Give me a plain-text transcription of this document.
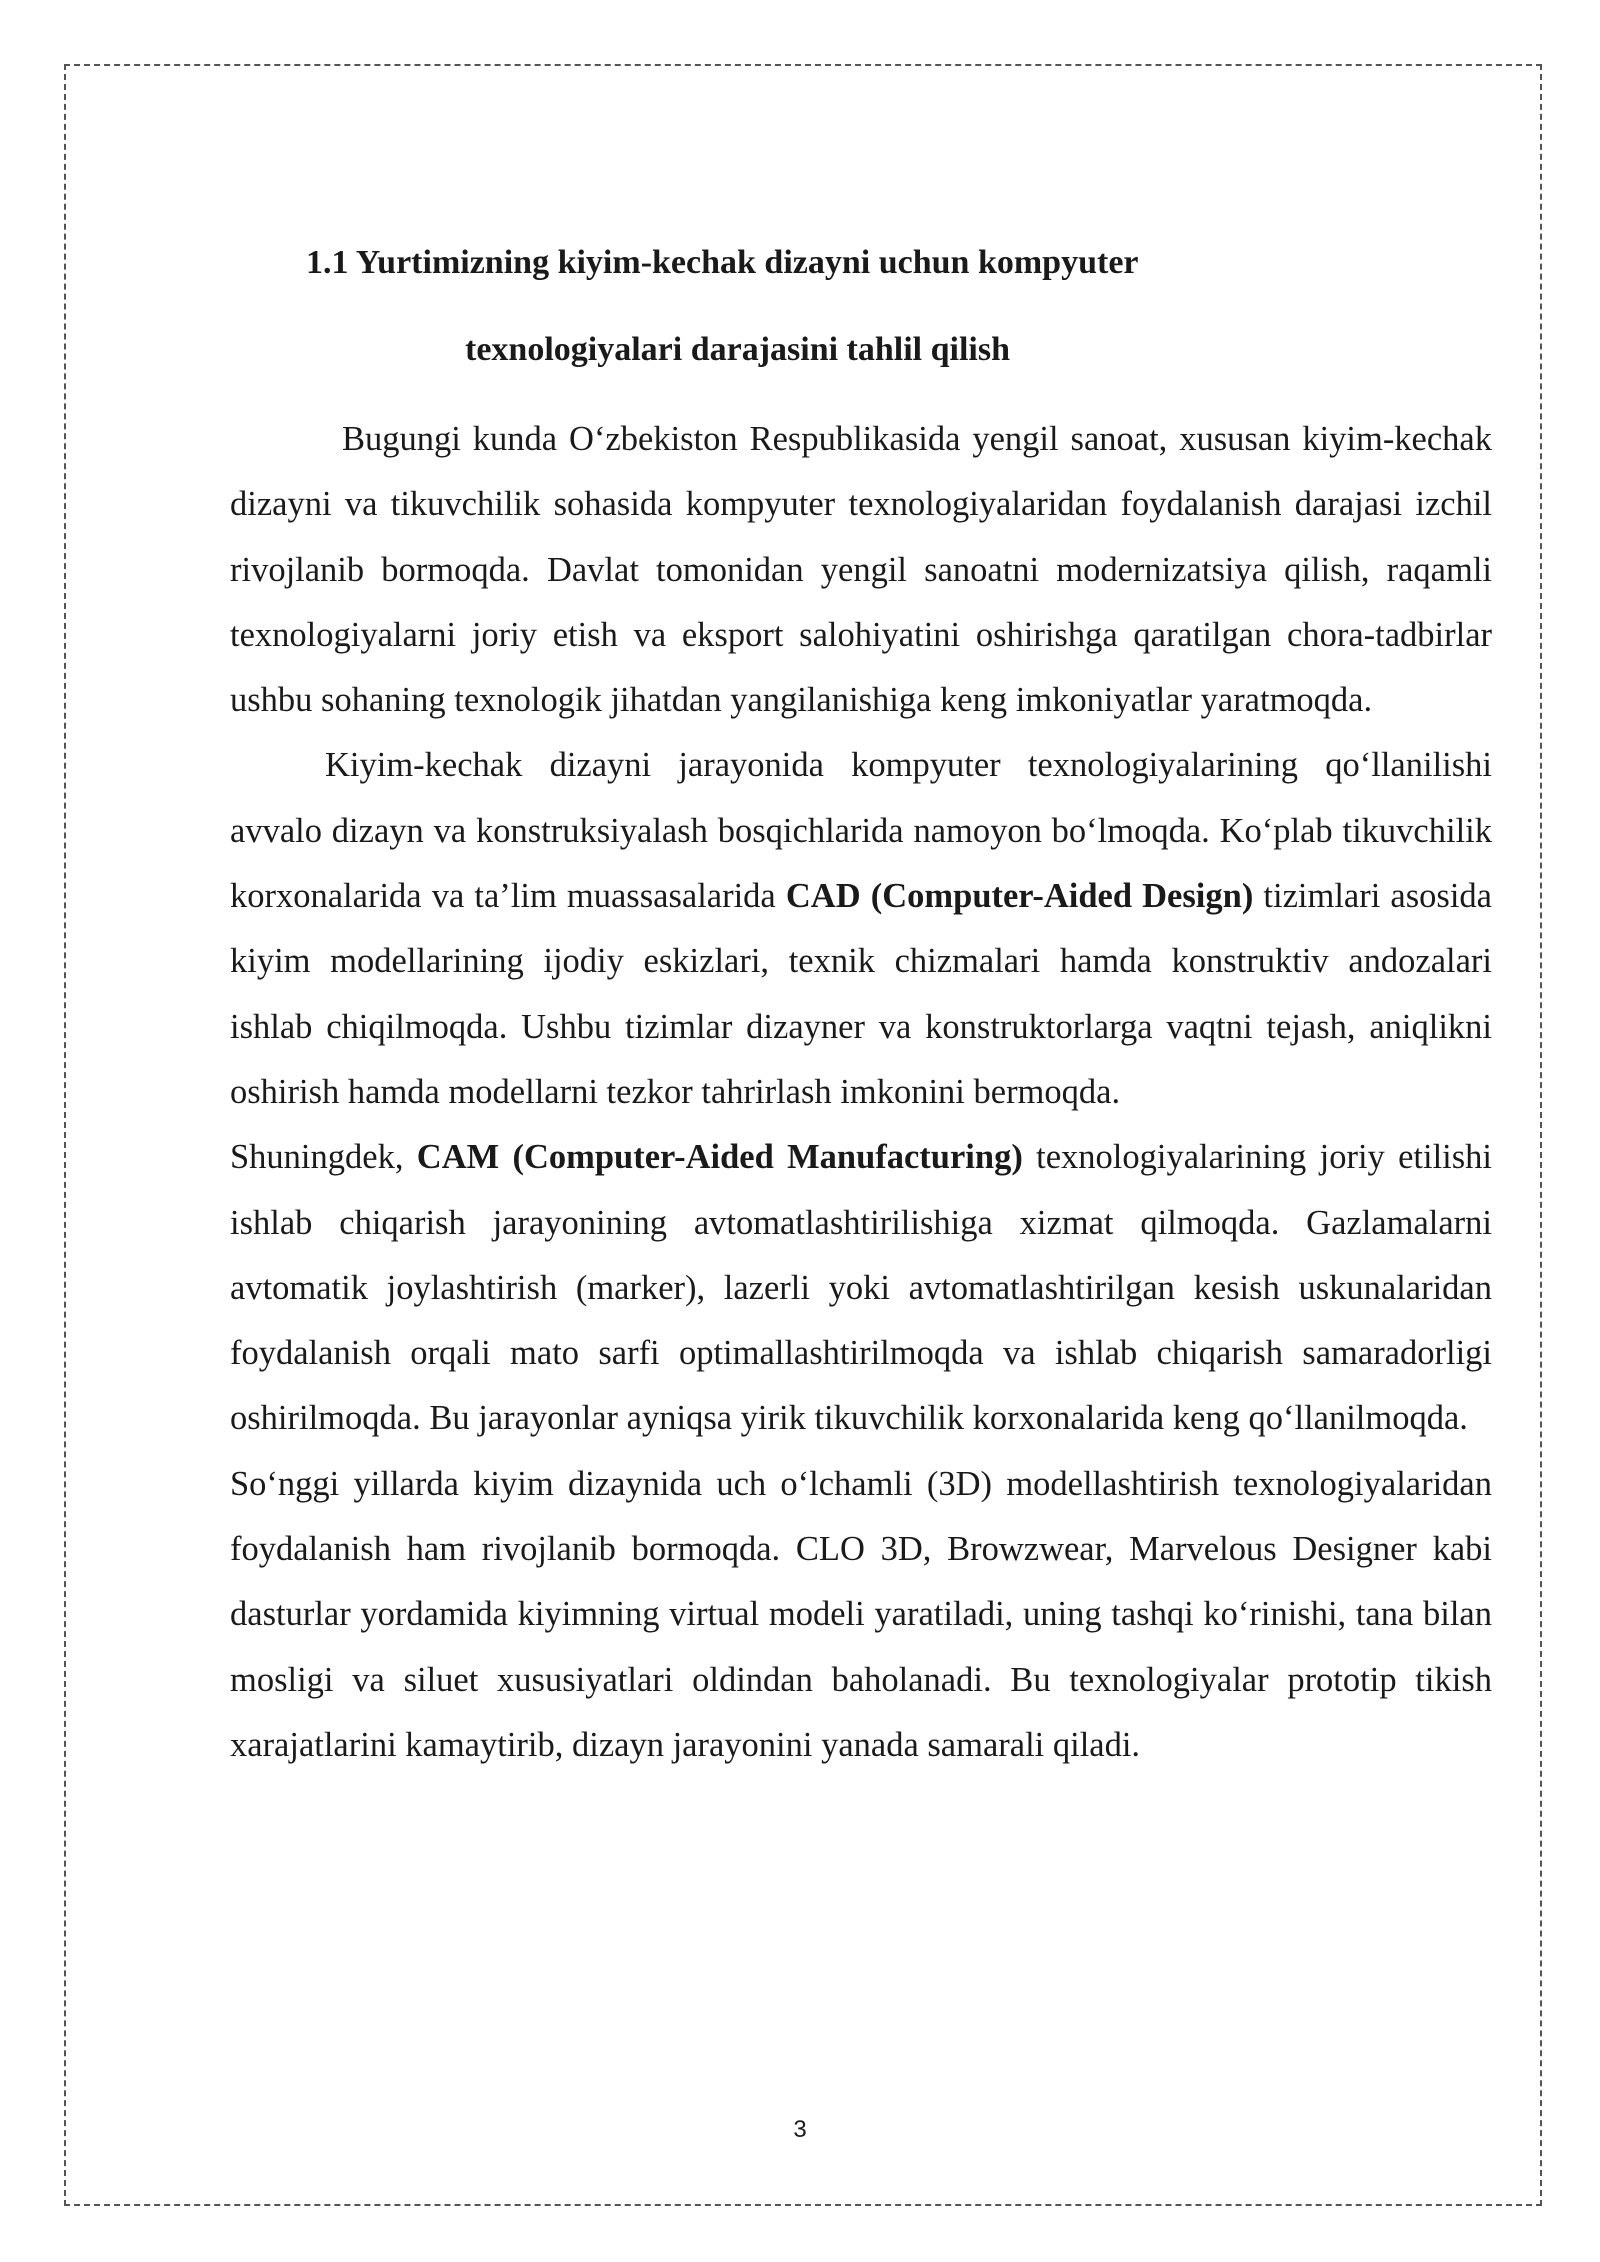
1.1 Yurtimizning kiyim-kechak dizayni uchun kompyuter
texnologiyalari darajasini tahlil qilish

Bugungi kunda O‘zbekiston Respublikasida yengil sanoat, xususan kiyim-kechak dizayni va tikuvchilik sohasida kompyuter texnologiyalaridan foydalanish darajasi izchil rivojlanib bormoqda. Davlat tomonidan yengil sanoatni modernizatsiya qilish, raqamli texnologiyalarni joriy etish va eksport salohiyatini oshirishga qaratilgan chora-tadbirlar ushbu sohaning texnologik jihatdan yangilanishiga keng imkoniyatlar yaratmoqda.

Kiyim-kechak dizayni jarayonida kompyuter texnologiyalarining qo‘llanilishi avvalo dizayn va konstruksiyalash bosqichlarida namoyon bo‘lmoqda. Ko‘plab tikuvchilik korxonalarida va ta’lim muassasalarida CAD (Computer-Aided Design) tizimlari asosida kiyim modellarining ijodiy eskizlari, texnik chizmalari hamda konstruktiv andozalari ishlab chiqilmoqda. Ushbu tizimlar dizayner va konstruktorlarga vaqtni tejash, aniqlikni oshirish hamda modellarni tezkor tahrirlash imkonini bermoqda.

Shuningdek, CAM (Computer-Aided Manufacturing) texnologiyalarining joriy etilishi ishlab chiqarish jarayonining avtomatlashtirilishiga xizmat qilmoqda. Gazlamalarni avtomatik joylashtirish (marker), lazerli yoki avtomatlashtirilgan kesish uskunalaridan foydalanish orqali mato sarfi optimallashtirilmoqda va ishlab chiqarish samaradorligi oshirilmoqda. Bu jarayonlar ayniqsa yirik tikuvchilik korxonalarida keng qo‘llanilmoqda.

So‘nggi yillarda kiyim dizaynida uch o‘lchamli (3D) modellashtirish texnologiyalaridan foydalanish ham rivojlanib bormoqda. CLO 3D, Browzwear, Marvelous Designer kabi dasturlar yordamida kiyimning virtual modeli yaratiladi, uning tashqi ko‘rinishi, tana bilan mosligi va siluet xususiyatlari oldindan baholanadi. Bu texnologiyalar prototip tikish xarajatlarini kamaytirib, dizayn jarayonini yanada samarali qiladi.

3
